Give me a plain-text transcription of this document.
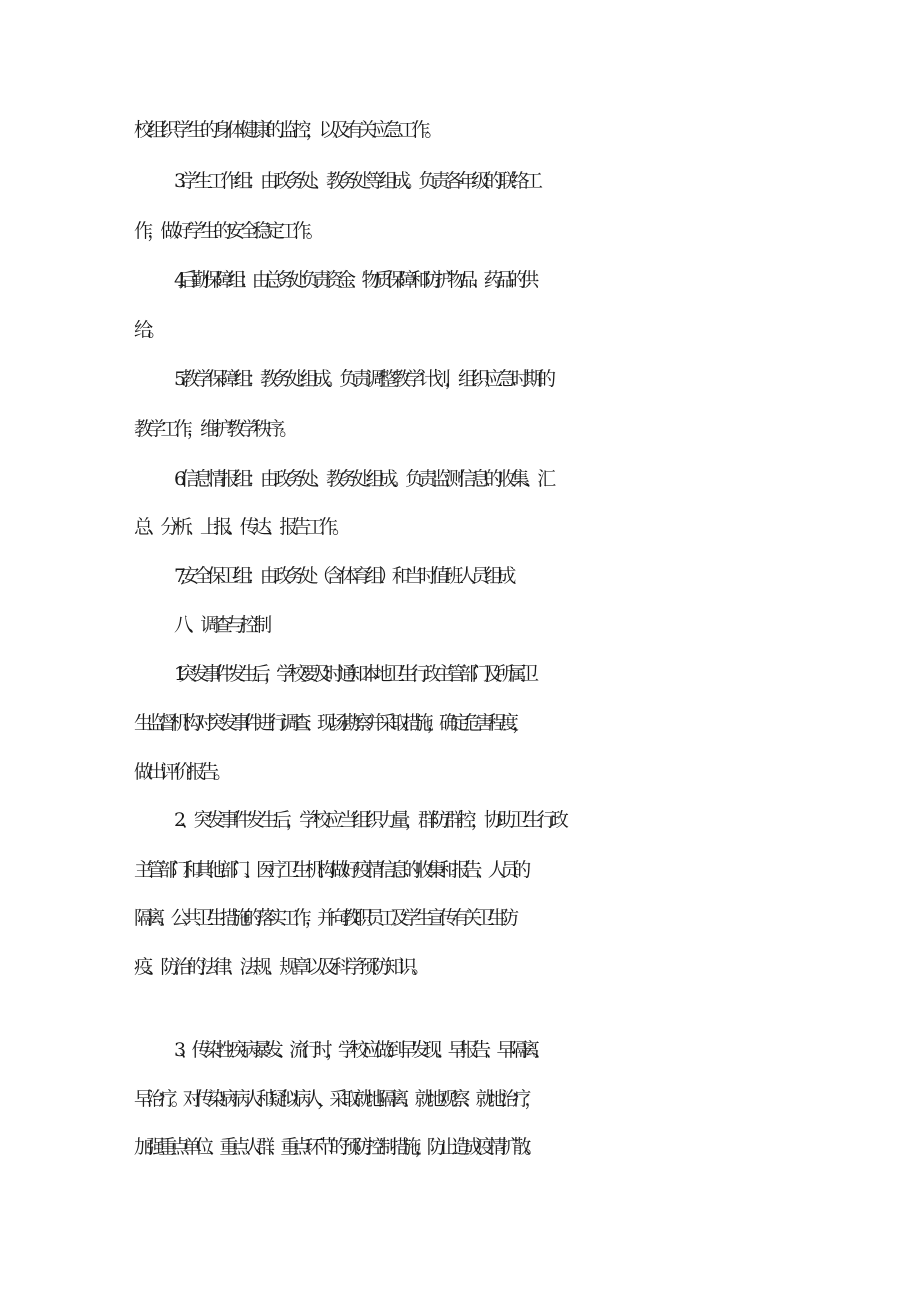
校组织学生的身体健康的监控，以及有关应急工作。

3 .学生工作组：由政务处、教务处等组成。负责各年级的联络工

作，做好学生的安全稳定工作。

4,后勤保障组：由总务处负责资金、物质保障和防护物品、药品的供

给。

5 .教学保障组：教务处组成。负责调整教学计划，组织应急时期的

教学工作，维护教学秩序。

6 .信息情报组：由政务处、教务处组成。负责监测信息的收集、汇

总、分析、上报、传达、报告工作。

7,安全保卫组：由政务处（含体育组）和当时值班人员组成

八、调查与控制

1.突发事件发生后，学校要及时通知本地卫生行政主管部门及所属卫

生监督机构对突发事件进行调查、现场勘察并采取措施，确定危害程度，

做出评价报告。

2、突发事件发生后，学校应当组织力量，群防群控，协助卫生行政

主管部门和其他部门、医疗卫生机构做好疫情信息的收集和报告、人员的

隔离、公共卫生措施的落实工作，并向教职员工及学生宣传有关卫生防

疫、防治的法律、法规、规章以及科学预防知识。

3、传染性疾病暴发、流行时，学校应做到早发现、早报告、早隔离、

早治疗。对传染病病人和疑似病人，采取就地隔离、就地观察、就地治疗，

加强重点单位、重点人群、重点环节的预防控制措施，防止造成疫情扩散。
